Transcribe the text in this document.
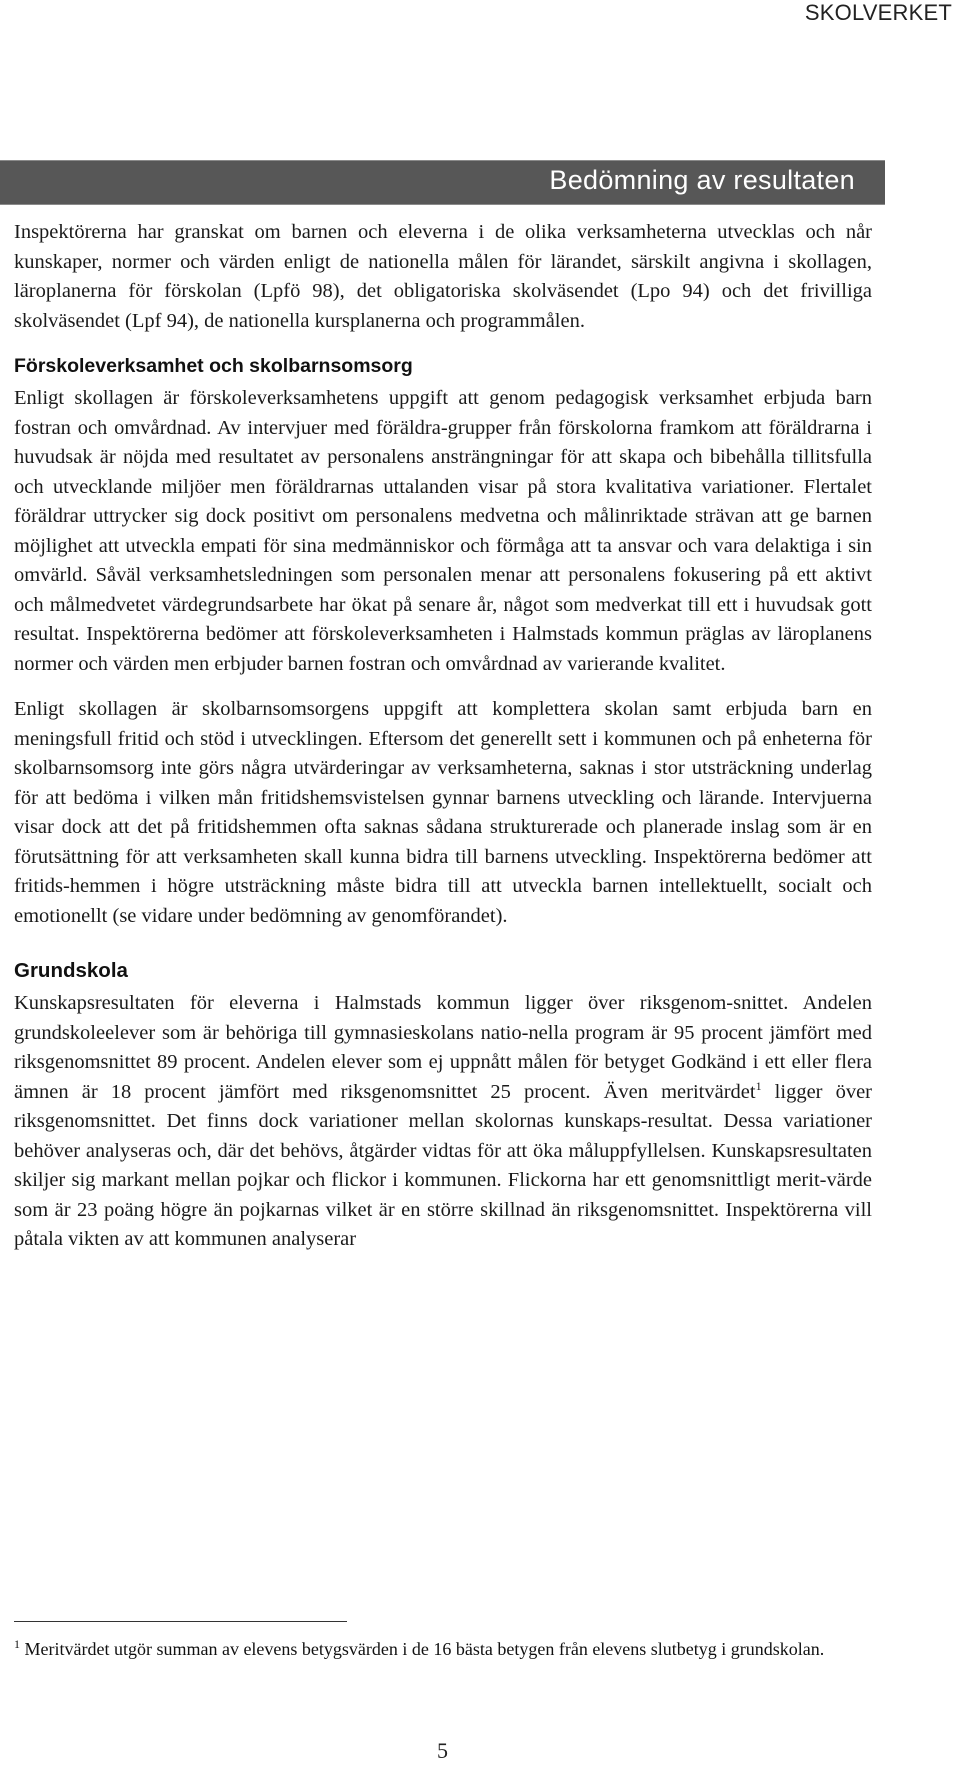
SKOLVERKET
Bedömning av resultaten

Inspektörerna har granskat om barnen och eleverna i de olika verksamheterna utvecklas och når kunskaper, normer och värden enligt de nationella målen för lärandet, särskilt angivna i skollagen, läroplanerna för förskolan (Lpfö 98), det obligatoriska skolväsendet (Lpo 94) och det frivilliga skolväsendet (Lpf 94), de nationella kursplanerna och programmålen.

Förskoleverksamhet och skolbarnsomsorg

Enligt skollagen är förskoleverksamhetens uppgift att genom pedagogisk verksamhet erbjuda barn fostran och omvårdnad. Av intervjuer med föräldra-grupper från förskolorna framkom att föräldrarna i huvudsak är nöjda med resultatet av personalens ansträngningar för att skapa och bibehålla tillitsfulla och utvecklande miljöer men föräldrarnas uttalanden visar på stora kvalitativa variationer. Flertalet föräldrar uttrycker sig dock positivt om personalens medvetna och målinriktade strävan att ge barnen möjlighet att utveckla empati för sina medmänniskor och förmåga att ta ansvar och vara delaktiga i sin omvärld. Såväl verksamhetsledningen som personalen menar att personalens fokusering på ett aktivt och målmedvetet värdegrundsarbete har ökat på senare år, något som medverkat till ett i huvudsak gott resultat. Inspektörerna bedömer att förskoleverksamheten i Halmstads kommun präglas av läroplanens normer och värden men erbjuder barnen fostran och omvårdnad av varierande kvalitet.

Enligt skollagen är skolbarnsomsorgens uppgift att komplettera skolan samt erbjuda barn en meningsfull fritid och stöd i utvecklingen. Eftersom det generellt sett i kommunen och på enheterna för skolbarnsomsorg inte görs några utvärderingar av verksamheterna, saknas i stor utsträckning underlag för att bedöma i vilken mån fritidshemsvistelsen gynnar barnens utveckling och lärande. Intervjuerna visar dock att det på fritidshemmen ofta saknas sådana strukturerade och planerade inslag som är en förutsättning för att verksamheten skall kunna bidra till barnens utveckling. Inspektörerna bedömer att fritids-hemmen i högre utsträckning måste bidra till att utveckla barnen intellektuellt, socialt och emotionellt (se vidare under bedömning av genomförandet).

Grundskola

Kunskapsresultaten för eleverna i Halmstads kommun ligger över riksgenom-snittet. Andelen grundskoleelever som är behöriga till gymnasieskolans natio-nella program är 95 procent jämfört med riksgenomsnittet 89 procent. Andelen elever som ej uppnått målen för betyget Godkänd i ett eller flera ämnen är 18 procent jämfört med riksgenomsnittet 25 procent. Även meritvärdet$^1$ ligger över riksgenomsnittet. Det finns dock variationer mellan skolornas kunskaps-resultat. Dessa variationer behöver analyseras och, där det behövs, åtgärder vidtas för att öka måluppfyllelsen. Kunskapsresultaten skiljer sig markant mellan pojkar och flickor i kommunen. Flickorna har ett genomsnittligt merit-värde som är 23 poäng högre än pojkarnas vilket är en större skillnad än riksgenomsnittet. Inspektörerna vill påtala vikten av att kommunen analyserar

$^1$ Meritvärdet utgör summan av elevens betygsvärden i de 16 bästa betygen från elevens slutbetyg i grundskolan.
5
